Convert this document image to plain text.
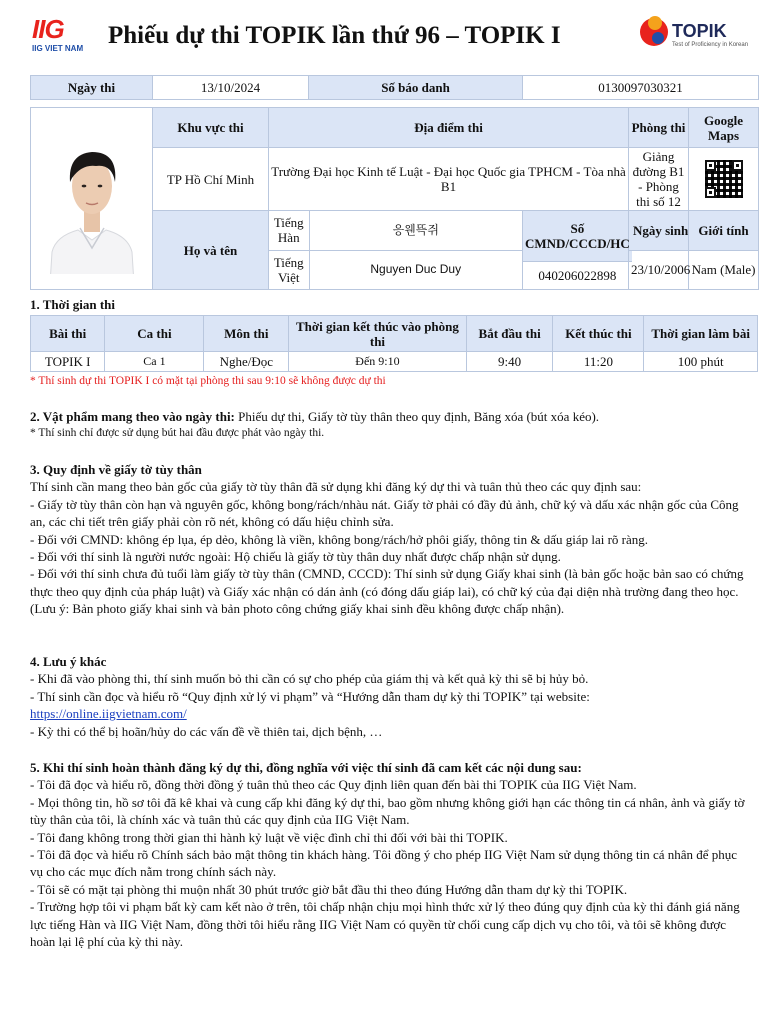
IIG
IIG VIET NAM Phiếu dự thi TOPIK lần thứ 96 – TOPIK I	TOPIK
Test of Proficiency in Korean
Ngày thi	13/10/2024	Số báo danh	0130097030321

	Khu vực thi	Địa điểm thi	Phòng thi	Google Maps
TP Hồ Chí Minh	Trường Đại học Kinh tế Luật - Đại học Quốc gia TPHCM - Tòa nhà B1	Giảng đường B1 - Phòng thi số 12	

Họ và tên	
Tiếng Hàn	응웬뜩쥐
Tiếng Việt	Nguyen Duc Duy

Số CMND/CCCD/HC
040206022898

Ngày sinh
23/10/2006

Giới tính
Nam (Male)

1. Thời gian thi

Bài thi	Ca thi	Môn thi	Thời gian kết thúc vào phòng thi	Bắt đầu thi	Kết thúc thi	Thời gian làm bài
TOPIK I	Ca 1	Nghe/Đọc	Đến 9:10	9:40	11:20	100 phút

* Thí sinh dự thi TOPIK I có mặt tại phòng thi sau 9:10 sẽ không được dự thi

2. Vật phẩm mang theo vào ngày thi: Phiếu dự thi, Giấy tờ tùy thân theo quy định, Băng xóa (bút xóa kéo).

* Thí sinh chỉ được sử dụng bút hai đầu được phát vào ngày thi.

3. Quy định về giấy tờ tùy thân

Thí sinh cần mang theo bản gốc của giấy tờ tùy thân đã sử dụng khi đăng ký dự thi và tuân thủ theo các quy định sau:

- Giấy tờ tùy thân còn hạn và nguyên gốc, không bong/rách/nhàu nát. Giấy tờ phải có đầy đủ ảnh, chữ ký và dấu xác nhận gốc của Công an, các chi tiết trên giấy phải còn rõ nét, không có dấu hiệu chỉnh sửa.

- Đối với CMND: không ép lụa, ép dẻo, không là viền, không bong/rách/hở phôi giấy, thông tin & dấu giáp lai rõ ràng.

- Đối với thí sinh là người nước ngoài: Hộ chiếu là giấy tờ tùy thân duy nhất được chấp nhận sử dụng.

- Đối với thí sinh chưa đủ tuổi làm giấy tờ tùy thân (CMND, CCCD): Thí sinh sử dụng Giấy khai sinh (là bản gốc hoặc bản sao có chứng thực theo quy định của pháp luật) và Giấy xác nhận có dán ảnh (có đóng dấu giáp lai), có chữ ký của đại diện nhà trường đang theo học. (Lưu ý: Bản photo giấy khai sinh và bản photo công chứng giấy khai sinh đều không được chấp nhận).

4. Lưu ý khác

- Khi đã vào phòng thi, thí sinh muốn bỏ thi cần có sự cho phép của giám thị và kết quả kỳ thi sẽ bị hủy bỏ.

- Thí sinh cần đọc và hiểu rõ “Quy định xử lý vi phạm” và “Hướng dẫn tham dự kỳ thi TOPIK” tại website:

https://online.iigvietnam.com/

- Kỳ thi có thể bị hoãn/hủy do các vấn đề về thiên tai, dịch bệnh, …

5. Khi thí sinh hoàn thành đăng ký dự thi, đồng nghĩa với việc thí sinh đã cam kết các nội dung sau:

- Tôi đã đọc và hiểu rõ, đồng thời đồng ý tuân thủ theo các Quy định liên quan đến bài thi TOPIK của IIG Việt Nam.

- Mọi thông tin, hồ sơ tôi đã kê khai và cung cấp khi đăng ký dự thi, bao gồm nhưng không giới hạn các thông tin cá nhân, ảnh và giấy tờ tùy thân của tôi, là chính xác và tuân thủ các quy định của IIG Việt Nam.

- Tôi đang không trong thời gian thi hành kỷ luật về việc đình chỉ thi đối với bài thi TOPIK.

- Tôi đã đọc và hiểu rõ Chính sách bảo mật thông tin khách hàng. Tôi đồng ý cho phép IIG Việt Nam sử dụng thông tin cá nhân để phục vụ cho các mục đích nằm trong chính sách này.

- Tôi sẽ có mặt tại phòng thi muộn nhất 30 phút trước giờ bắt đầu thi theo đúng Hướng dẫn tham dự kỳ thi TOPIK.

- Trường hợp tôi vi phạm bất kỳ cam kết nào ở trên, tôi chấp nhận chịu mọi hình thức xử lý theo đúng quy định của kỳ thi đánh giá năng lực tiếng Hàn và IIG Việt Nam, đồng thời tôi hiểu rằng IIG Việt Nam có quyền từ chối cung cấp dịch vụ cho tôi, và tôi sẽ không được hoàn lại lệ phí của kỳ thi này.
